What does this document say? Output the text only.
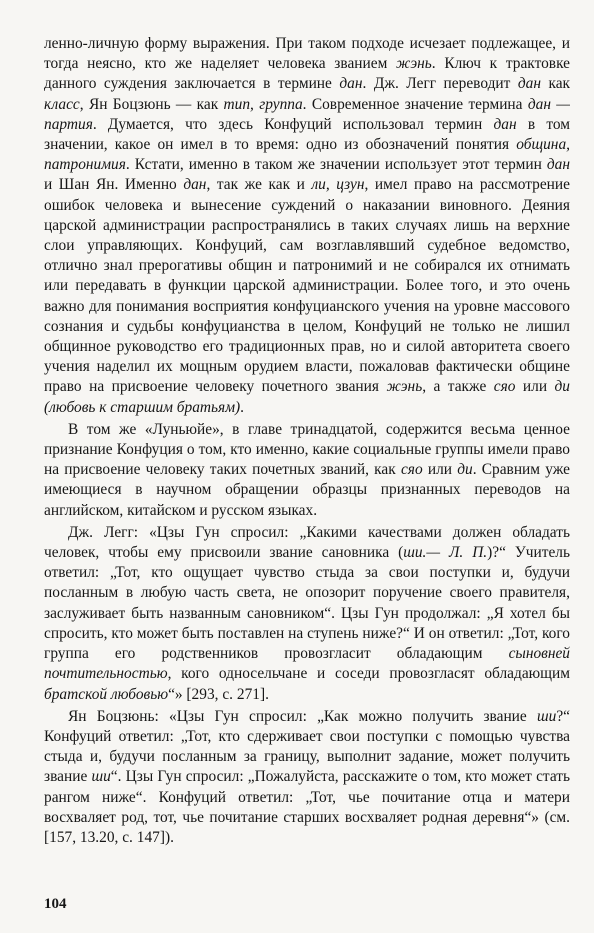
ленно-личную форму выражения. При таком подходе исчезает подлежащее, и тогда неясно, кто же наделяет человека званием жэнь. Ключ к трактовке данного суждения заключается в термине дан. Дж. Легг переводит дан как класс, Ян Боцзюнь — как тип, группа. Современное значение термина дан — партия. Думается, что здесь Конфуций использовал термин дан в том значении, какое он имел в то время: одно из обозначений понятия община, патронимия. Кстати, именно в таком же значении использует этот термин дан и Шан Ян. Именно дан, так же как и ли, цзун, имел право на рассмотрение ошибок человека и вынесение суждений о наказании виновного. Деяния царской администрации распространялись в таких случаях лишь на верхние слои управляющих. Конфуций, сам возглавлявший судебное ведомство, отлично знал прерогативы общин и патронимий и не собирался их отнимать или передавать в функции царской администрации. Более того, и это очень важно для понимания восприятия конфуцианского учения на уровне массового сознания и судьбы конфуцианства в целом, Конфуций не только не лишил общинное руководство его традиционных прав, но и силой авторитета своего учения наделил их мощным орудием власти, пожаловав фактически общине право на присвоение человеку почетного звания жэнь, а также сяо или ди (любовь к старшим братьям).

В том же «Луньюйе», в главе тринадцатой, содержится весьма ценное признание Конфуция о том, кто именно, какие социальные группы имели право на присвоение человеку таких почетных званий, как сяо или ди. Сравним уже имеющиеся в научном обращении образцы признанных переводов на английском, китайском и русском языках.

Дж. Легг: «Цзы Гун спросил: „Какими качествами должен обладать человек, чтобы ему присвоили звание сановника (ши.— Л. П.)?“ Учитель ответил: „Тот, кто ощущает чувство стыда за свои поступки и, будучи посланным в любую часть света, не опозорит поручение своего правителя, заслуживает быть названным сановником“. Цзы Гун продолжал: „Я хотел бы спросить, кто может быть поставлен на ступень ниже?“ И он ответил: „Тот, кого группа его родственников провозгласит обладающим сыновней почтительностью, кого односельчане и соседи провозгласят обладающим братской любовью“» [293, с. 271].

Ян Боцзюнь: «Цзы Гун спросил: „Как можно получить звание ши?“ Конфуций ответил: „Тот, кто сдерживает свои поступки с помощью чувства стыда и, будучи посланным за границу, выполнит задание, может получить звание ши“. Цзы Гун спросил: „Пожалуйста, расскажите о том, кто может стать рангом ниже“. Конфуций ответил: „Тот, чье почитание отца и матери восхваляет род, тот, чье почитание старших восхваляет родная деревня“» (см. [157, 13.20, с. 147]).

104
